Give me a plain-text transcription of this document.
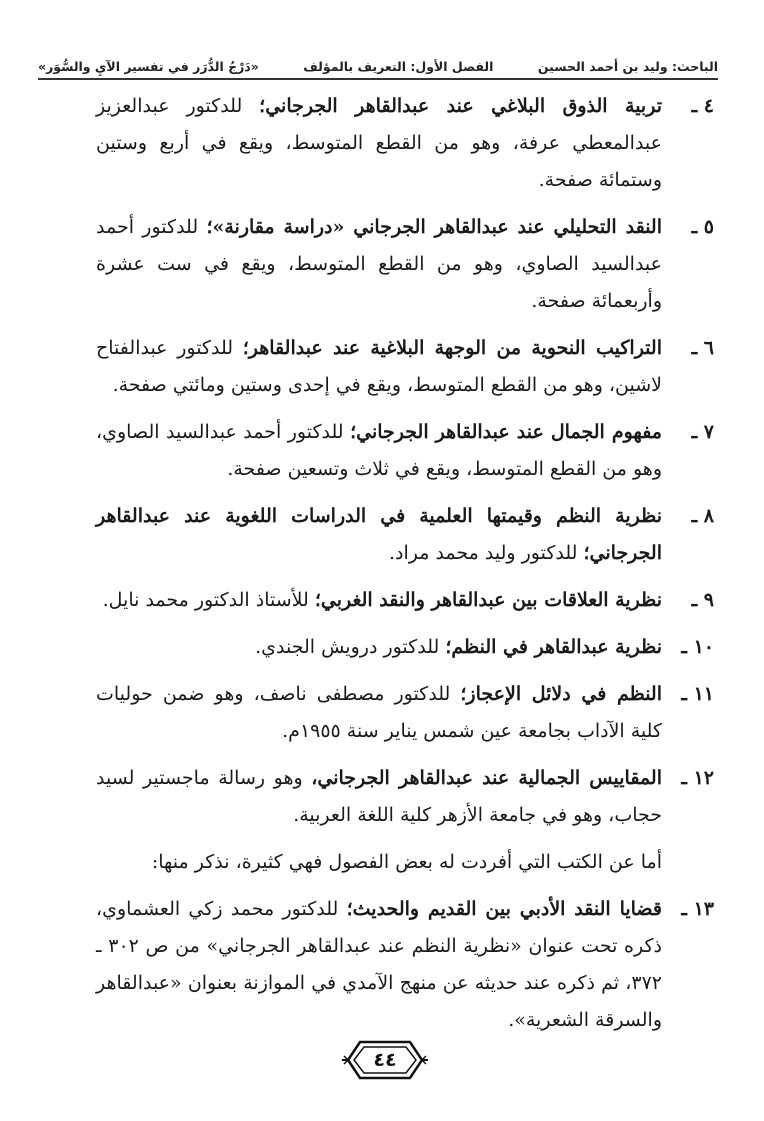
الباحث: وليد بن أحمد الحسين
الفصل الأول: التعريف بالمؤلف
«دَرْجُ الدُّرَر في تفسير الآيِ والسُّوَر»
٤ ـ
تربية الذوق البلاغي عند عبدالقاهر الجرجاني؛ للدكتور عبدالعزيز عبدالمعطي عرفة، وهو من القطع المتوسط، ويقع في أربع وستين وستمائة صفحة.
٥ ـ
النقد التحليلي عند عبدالقاهر الجرجاني «دراسة مقارنة»؛ للدكتور أحمد عبدالسيد الصاوي، وهو من القطع المتوسط، ويقع في ست عشرة وأربعمائة صفحة.
٦ ـ
التراكيب النحوية من الوجهة البلاغية عند عبدالقاهر؛ للدكتور عبدالفتاح لاشين، وهو من القطع المتوسط، ويقع في إحدى وستين ومائتي صفحة.
٧ ـ
مفهوم الجمال عند عبدالقاهر الجرجاني؛ للدكتور أحمد عبدالسيد الصاوي، وهو من القطع المتوسط، ويقع في ثلاث وتسعين صفحة.
٨ ـ
نظرية النظم وقيمتها العلمية في الدراسات اللغوية عند عبدالقاهر الجرجاني؛ للدكتور وليد محمد مراد.
٩ ـ
نظرية العلاقات بين عبدالقاهر والنقد الغربي؛ للأستاذ الدكتور محمد نايل.
١٠ ـ
نظرية عبدالقاهر في النظم؛ للدكتور درويش الجندي.
١١ ـ
النظم في دلائل الإعجاز؛ للدكتور مصطفى ناصف، وهو ضمن حوليات كلية الآداب بجامعة عين شمس يناير سنة ١٩٥٥م.
١٢ ـ
المقاييس الجمالية عند عبدالقاهر الجرجاني، وهو رسالة ماجستير لسيد حجاب، وهو في جامعة الأزهر كلية اللغة العربية.

أما عن الكتب التي أفردت له بعض الفصول فهي كثيرة، نذكر منها:

١٣ ـ
قضايا النقد الأدبي بين القديم والحديث؛ للدكتور محمد زكي العشماوي، ذكره تحت عنوان «نظرية النظم عند عبدالقاهر الجرجاني» من ص ٣٠٢ ـ ٣٧٢، ثم ذكره عند حديثه عن منهج الآمدي في الموازنة بعنوان «عبدالقاهر والسرقة الشعرية».
٤٤
